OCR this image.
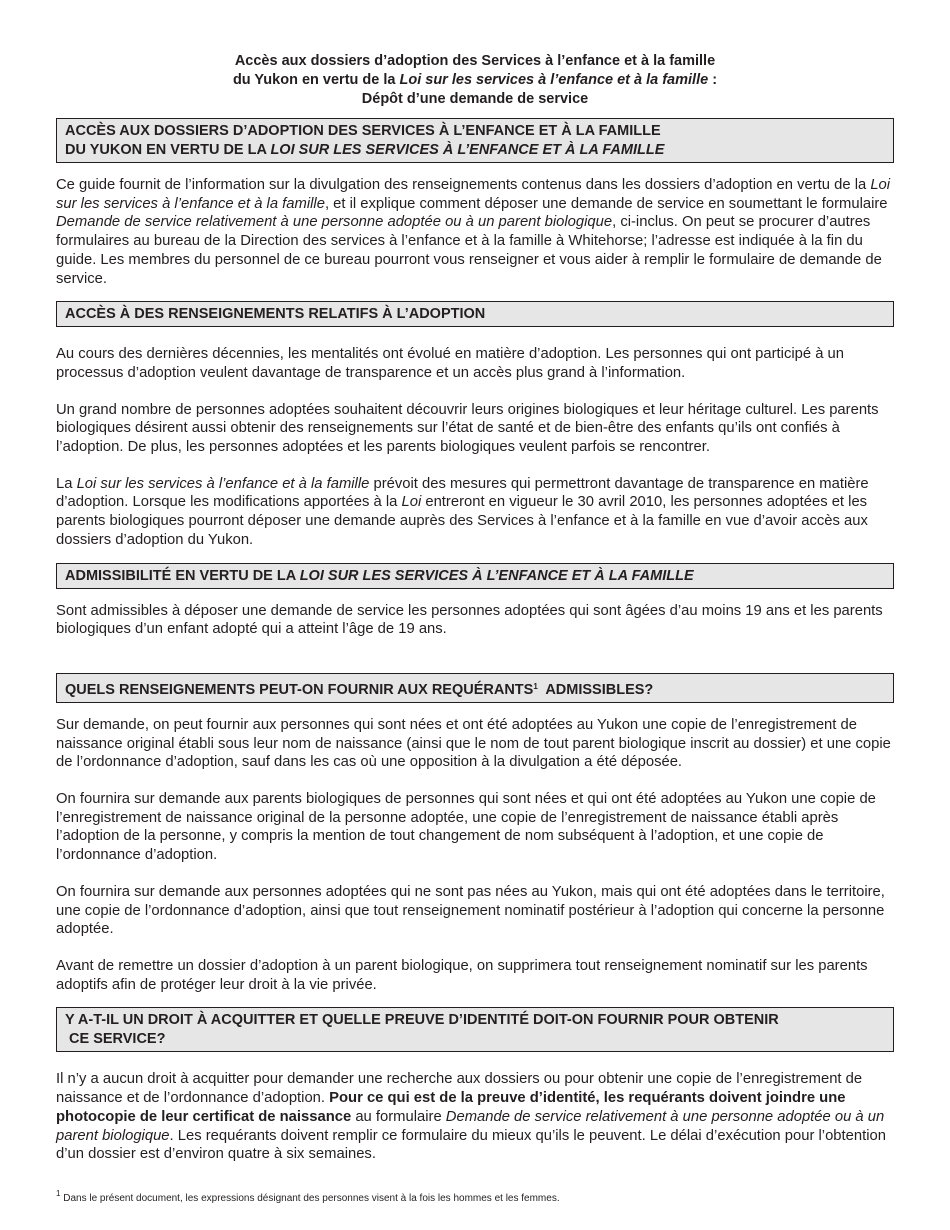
Accès aux dossiers d’adoption des Services à l’enfance et à la famille
du Yukon en vertu de la Loi sur les services à l’enfance et à la famille :
Dépôt d’une demande de service
ACCÈS AUX DOSSIERS D’ADOPTION DES SERVICES À L’ENFANCE ET À LA FAMILLE
DU YUKON EN VERTU DE LA LOI SUR LES SERVICES À L’ENFANCE ET À LA FAMILLE

Ce guide fournit de l’information sur la divulgation des renseignements contenus dans les dossiers d’adoption en vertu de la Loi sur les services à l’enfance et à la famille, et il explique comment déposer une demande de service en soumettant le formulaire Demande de service relativement à une personne adoptée ou à un parent biologique, ci-inclus. On peut se procurer d’autres formulaires au bureau de la Direction des services à l’enfance et à la famille à Whitehorse; l’adresse est indiquée à la fin du guide. Les membres du personnel de ce bureau pourront vous renseigner et vous aider à remplir le formulaire de demande de service.

ACCÈS À DES RENSEIGNEMENTS RELATIFS À L’ADOPTION

Au cours des dernières décennies, les mentalités ont évolué en matière d’adoption. Les personnes qui ont participé à un processus d’adoption veulent davantage de transparence et un accès plus grand à l’information.

Un grand nombre de personnes adoptées souhaitent découvrir leurs origines biologiques et leur héritage culturel. Les parents biologiques désirent aussi obtenir des renseignements sur l’état de santé et de bien-être des enfants qu’ils ont confiés à l’adoption. De plus, les personnes adoptées et les parents biologiques veulent parfois se rencontrer.

La Loi sur les services à l’enfance et à la famille prévoit des mesures qui permettront davantage de transparence en matière d’adoption. Lorsque les modifications apportées à la Loi entreront en vigueur le 30 avril 2010, les personnes adoptées et les parents biologiques pourront déposer une demande auprès des Services à l’enfance et à la famille en vue d’avoir accès aux dossiers d’adoption du Yukon.

ADMISSIBILITÉ EN VERTU DE LA LOI SUR LES SERVICES À L’ENFANCE ET À LA FAMILLE

Sont admissibles à déposer une demande de service les personnes adoptées qui sont âgées d’au moins 19 ans et les parents biologiques d’un enfant adopté qui a atteint l’âge de 19 ans.

QUELS RENSEIGNEMENTS PEUT-ON FOURNIR AUX REQUÉRANTS$^1$  ADMISSIBLES?

Sur demande, on peut fournir aux personnes qui sont nées et ont été adoptées au Yukon une copie de l’enregistrement de naissance original établi sous leur nom de naissance (ainsi que le nom de tout parent biologique inscrit au dossier) et une copie de l’ordonnance d’adoption, sauf dans les cas où une opposition à la divulgation a été déposée.

On fournira sur demande aux parents biologiques de personnes qui sont nées et qui ont été adoptées au Yukon une copie de l’enregistrement de naissance original de la personne adoptée, une copie de l’enregistrement de naissance établi après l’adoption de la personne, y compris la mention de tout changement de nom subséquent à l’adoption, et une copie de l’ordonnance d’adoption.

On fournira sur demande aux personnes adoptées qui ne sont pas nées au Yukon, mais qui ont été adoptées dans le territoire, une copie de l’ordonnance d’adoption, ainsi que tout renseignement nominatif postérieur à l’adoption qui concerne la personne adoptée.

Avant de remettre un dossier d’adoption à un parent biologique, on supprimera tout renseignement nominatif sur les parents adoptifs afin de protéger leur droit à la vie privée.

Y A-T-IL UN DROIT À ACQUITTER ET QUELLE PREUVE D’IDENTITÉ DOIT-ON FOURNIR POUR OBTENIR
CE SERVICE?

Il n’y a aucun droit à acquitter pour demander une recherche aux dossiers ou pour obtenir une copie de l’enregistrement de naissance et de l’ordonnance d’adoption. Pour ce qui est de la preuve d’identité, les requérants doivent joindre une photocopie de leur certificat de naissance au formulaire Demande de service relativement à une personne adoptée ou à un parent biologique. Les requérants doivent remplir ce formulaire du mieux qu’ils le peuvent. Le délai d’exécution pour l’obtention d’un dossier est d’environ quatre à six semaines.

$^1$ Dans le présent document, les expressions désignant des personnes visent à la fois les hommes et les femmes.
